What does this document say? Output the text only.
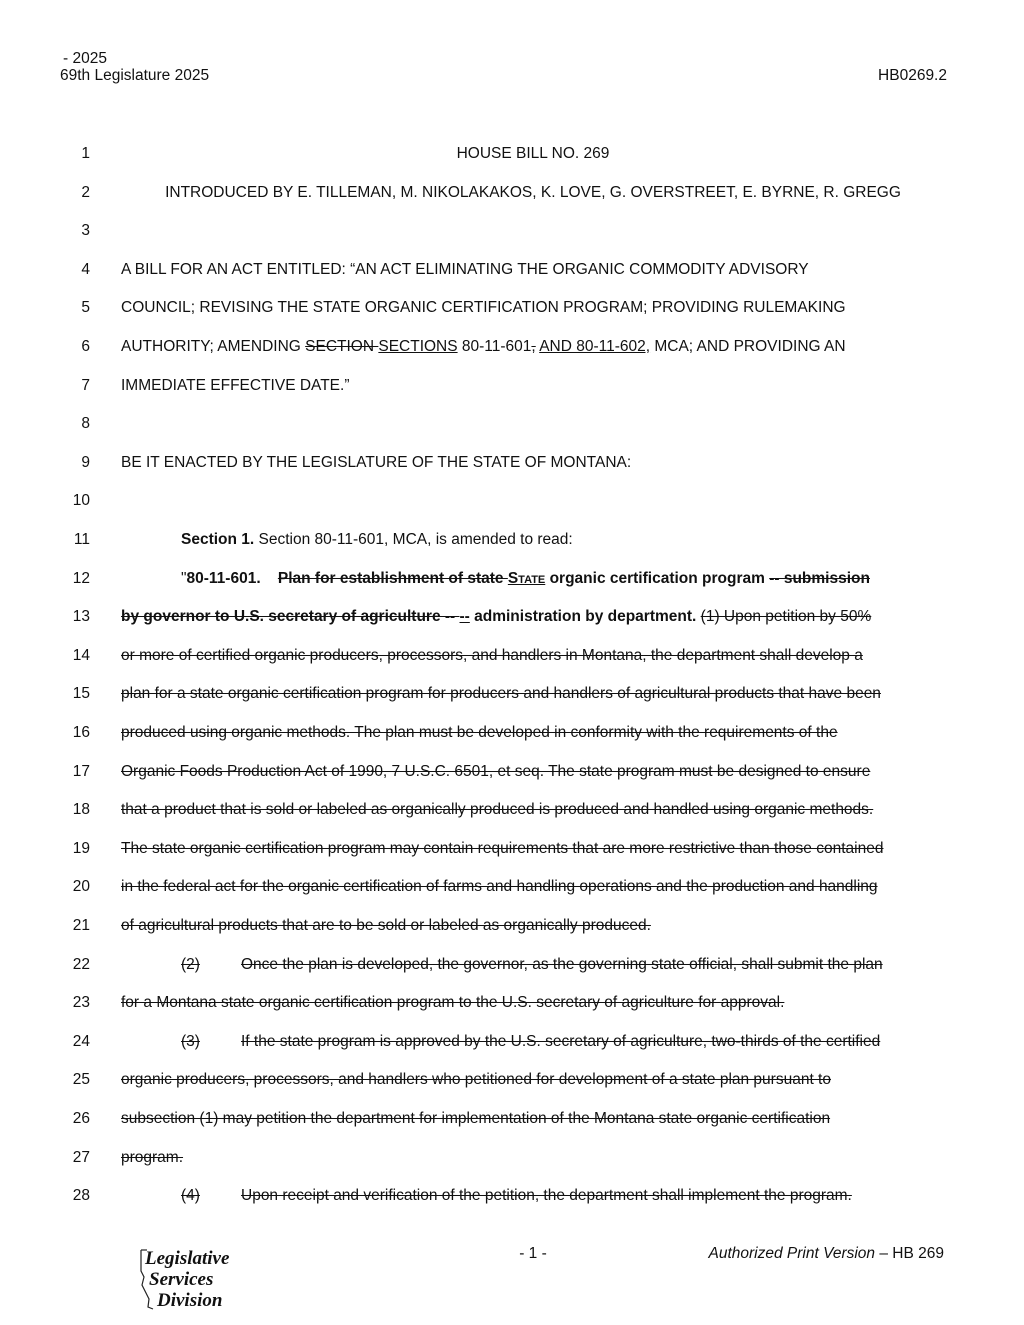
- 2025
69th Legislature 2025	HB0269.2
1	HOUSE BILL NO. 269
2	INTRODUCED BY E. TILLEMAN, M. NIKOLAKAKOS, K. LOVE, G. OVERSTREET, E. BYRNE, R. GREGG
3
4 A BILL FOR AN ACT ENTITLED: “AN ACT ELIMINATING THE ORGANIC COMMODITY ADVISORY
5 COUNCIL; REVISING THE STATE ORGANIC CERTIFICATION PROGRAM; PROVIDING RULEMAKING
6 AUTHORITY; AMENDING SECTION SECTIONS 80-11-601, AND 80-11-602, MCA; AND PROVIDING AN
7 IMMEDIATE EFFECTIVE DATE.”
8
9 BE IT ENACTED BY THE LEGISLATURE OF THE STATE OF MONTANA:
10
11	Section 1. Section 80-11-601, MCA, is amended to read:
12	"80-11-601. Plan for establishment of state State organic certification program -- submission
13 by governor to U.S. secretary of agriculture -- -- administration by department. (1) Upon petition by 50%
14 or more of certified organic producers, processors, and handlers in Montana, the department shall develop a
15 plan for a state organic certification program for producers and handlers of agricultural products that have been
16 produced using organic methods. The plan must be developed in conformity with the requirements of the
17 Organic Foods Production Act of 1990, 7 U.S.C. 6501, et seq. The state program must be designed to ensure
18 that a product that is sold or labeled as organically produced is produced and handled using organic methods.
19 The state organic certification program may contain requirements that are more restrictive than those contained
20 in the federal act for the organic certification of farms and handling operations and the production and handling
21 of agricultural products that are to be sold or labeled as organically produced.
22	(2)	Once the plan is developed, the governor, as the governing state official, shall submit the plan
23 for a Montana state organic certification program to the U.S. secretary of agriculture for approval.
24	(3)	If the state program is approved by the U.S. secretary of agriculture, two-thirds of the certified
25 organic producers, processors, and handlers who petitioned for development of a state plan pursuant to
26 subsection (1) may petition the department for implementation of the Montana state organic certification
27 program.
28	(4)	Upon receipt and verification of the petition, the department shall implement the program.
- 1 -	Authorized Print Version – HB 269
Legislative
Services
Division
